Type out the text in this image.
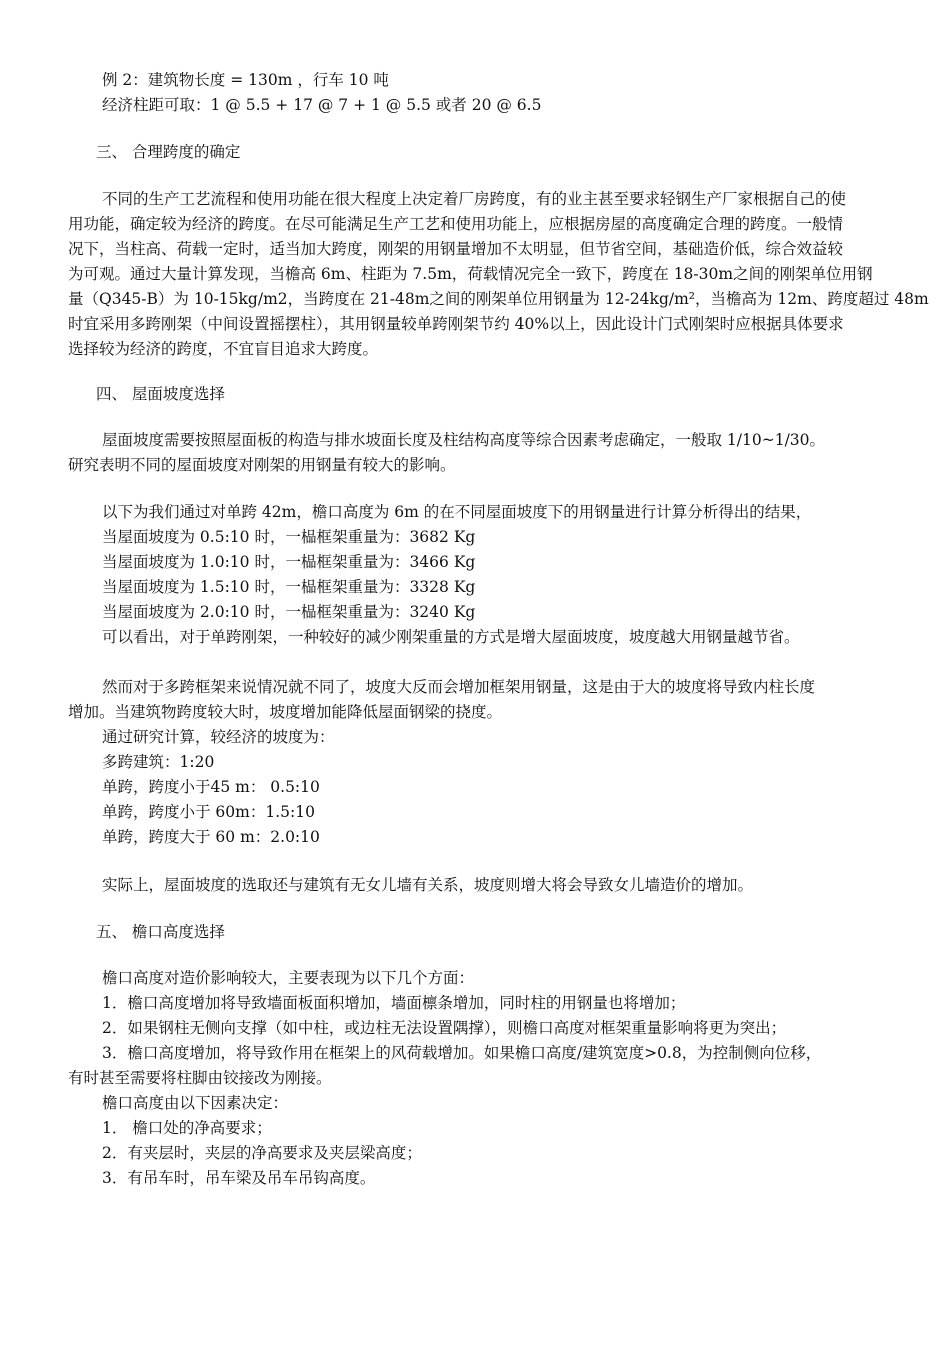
例 2：建筑物长度 = 130m ，行车 10 吨
经济柱距可取：1 @ 5.5 + 17 @ 7 + 1 @ 5.5 或者 20 @ 6.5
三、 合理跨度的确定
不同的生产工艺流程和使用功能在很大程度上决定着厂房跨度，有的业主甚至要求轻钢生产厂家根据自己的使
用功能，确定较为经济的跨度。在尽可能满足生产工艺和使用功能上，应根据房屋的高度确定合理的跨度。一般情
况下，当柱高、荷载一定时，适当加大跨度，刚架的用钢量增加不太明显，但节省空间，基础造价低，综合效益较
为可观。通过大量计算发现，当檐高 6m、柱距为 7.5m，荷载情况完全一致下，跨度在 18-30m之间的刚架单位用钢
量（Q345-B）为 10-15kg/m2，当跨度在 21-48m之间的刚架单位用钢量为 12-24kg/m²，当檐高为 12m、跨度超过 48m
时宜采用多跨刚架（中间设置摇摆柱），其用钢量较单跨刚架节约 40%以上，因此设计门式刚架时应根据具体要求
选择较为经济的跨度，不宜盲目追求大跨度。
四、 屋面坡度选择
屋面坡度需要按照屋面板的构造与排水坡面长度及柱结构高度等综合因素考虑确定，一般取 1/10~1/30。
研究表明不同的屋面坡度对刚架的用钢量有较大的影响。
以下为我们通过对单跨 42m，檐口高度为 6m 的在不同屋面坡度下的用钢量进行计算分析得出的结果，
当屋面坡度为 0.5:10 时，一榀框架重量为：3682 Kg
当屋面坡度为 1.0:10 时，一榀框架重量为：3466 Kg
当屋面坡度为 1.5:10 时，一榀框架重量为：3328 Kg
当屋面坡度为 2.0:10 时，一榀框架重量为：3240 Kg
可以看出，对于单跨刚架，一种较好的减少刚架重量的方式是增大屋面坡度，坡度越大用钢量越节省。
然而对于多跨框架来说情况就不同了，坡度大反而会增加框架用钢量，这是由于大的坡度将导致内柱长度
增加。当建筑物跨度较大时，坡度增加能降低屋面钢梁的挠度。
通过研究计算，较经济的坡度为：
多跨建筑：1:20
单跨，跨度小于45 m： 0.5:10
单跨，跨度小于 60m：1.5:10
单跨，跨度大于 60 m：2.0:10
实际上，屋面坡度的选取还与建筑有无女儿墙有关系，坡度则增大将会导致女儿墙造价的增加。
五、 檐口高度选择
檐口高度对造价影响较大，主要表现为以下几个方面：
1．檐口高度增加将导致墙面板面积增加，墙面檩条增加，同时柱的用钢量也将增加；
2．如果钢柱无侧向支撑（如中柱，或边柱无法设置隅撑），则檐口高度对框架重量影响将更为突出；
3．檐口高度增加，将导致作用在框架上的风荷载增加。如果檐口高度/建筑宽度>0.8，为控制侧向位移，
有时甚至需要将柱脚由铰接改为刚接。
檐口高度由以下因素决定：
1． 檐口处的净高要求；
2．有夹层时，夹层的净高要求及夹层梁高度；
3．有吊车时，吊车梁及吊车吊钩高度。
